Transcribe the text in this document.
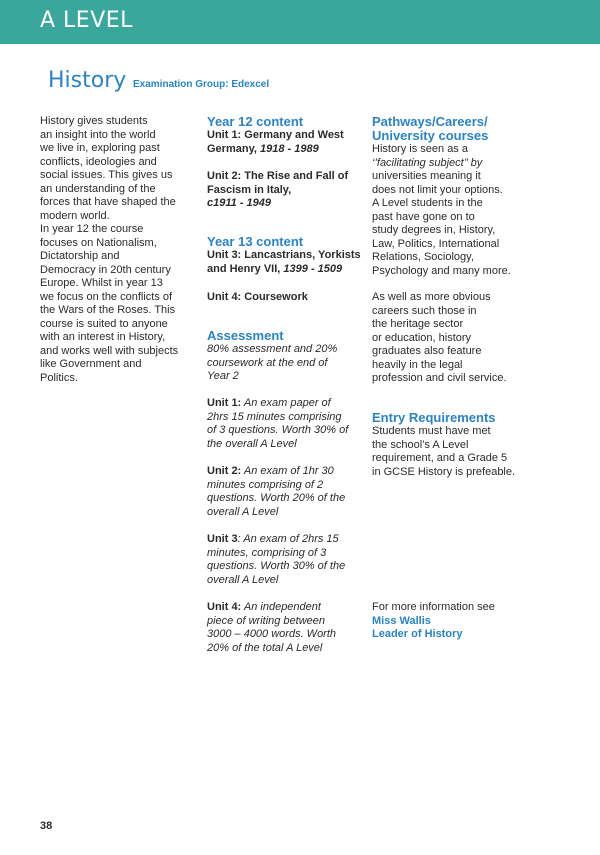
A LEVEL
History Examination Group: Edexcel
History gives students
an insight into the world
we live in, exploring past
conflicts, ideologies and
social issues. This gives us
an understanding of the
forces that have shaped the
modern world.
In year 12 the course
focuses on Nationalism,
Dictatorship and
Democracy in 20th century
Europe. Whilst in year 13
we focus on the conflicts of
the Wars of the Roses. This
course is suited to anyone
with an interest in History,
and works well with subjects
like Government and
Politics.
Year 12 content
Unit 1: Germany and West
Germany, 1918 - 1989
Unit 2: The Rise and Fall of
Fascism in Italy,
c1911 - 1949
Year 13 content
Unit 3: Lancastrians, Yorkists
and Henry VII, 1399 - 1509
Unit 4: Coursework
Assessment
80% assessment and 20%
coursework at the end of
Year 2
Unit 1: An exam paper of
2hrs 15 minutes comprising
of 3 questions. Worth 30% of
the overall A Level
Unit 2: An exam of 1hr 30
minutes comprising of 2
questions. Worth 20% of the
overall A Level
Unit 3: An exam of 2hrs 15
minutes, comprising of 3
questions. Worth 30% of the
overall A Level
Unit 4: An independent
piece of writing between
3000 – 4000 words. Worth
20% of the total A Level
Pathways/Careers/
University courses
History is seen as a
‘’facilitating subject’’ by
universities meaning it
does not limit your options.
A Level students in the
past have gone on to
study degrees in, History,
Law, Politics, International
Relations, Sociology,
Psychology and many more.
As well as more obvious
careers such those in
the heritage sector
or education, history
graduates also feature
heavily in the legal
profession and civil service.
Entry Requirements
Students must have met
the school’s A Level
requirement, and a Grade 5
in GCSE History is prefeable.
For more information see
Miss Wallis
Leader of History
38
